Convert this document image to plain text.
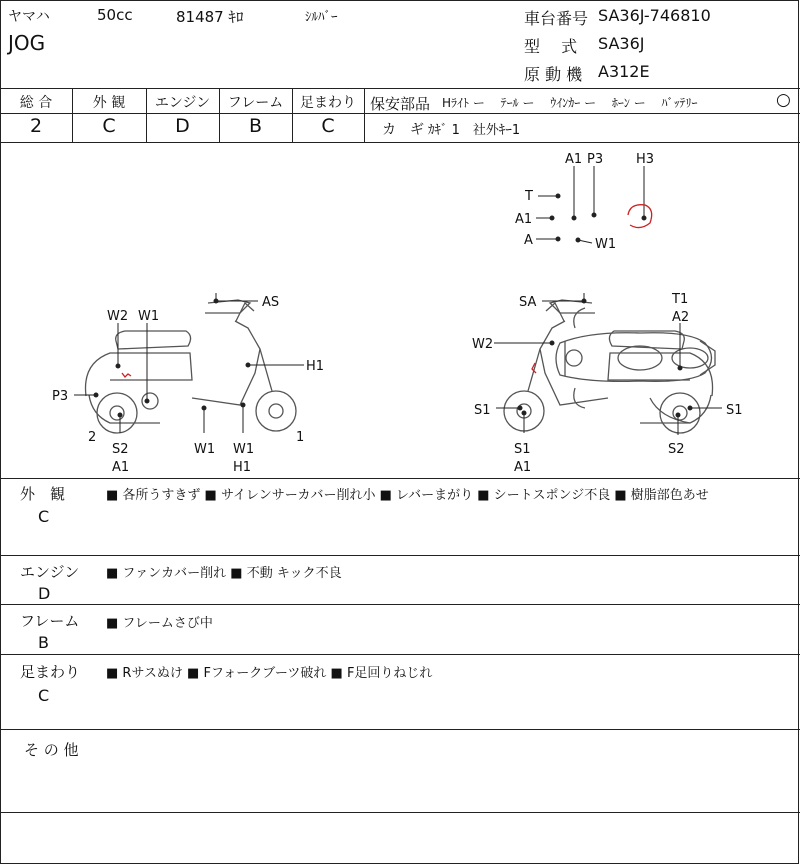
ヤマハ	50cc	81487 ｷﾛ	ｼﾙﾊﾞｰ
JOG
車台番号 SA36J-746810
型　 式 SA36J
原 動 機 A312E
総 合	外 観	エンジン	フレーム	足まわり
2	C	D	B	C
保安部品 Hﾗｲﾄ ー　 ﾃｰﾙ ー　 ｳｲﾝｶｰ ー　 ﾎｰﾝ ー　 ﾊﾞｯﾃﾘｰ	○
カ　ギ ｶｷﾞ 1　社外ｷｰ1
A1 P3	H3
T
A1
A	W1
W2 W1
AS
H1
P3
2
S2
A1
W1 W1
H1
1
SA	T1
A2
W2
S1
S1
A1
S1
S2
外　観
C
■ 各所うすきず ■ サイレンサーカバー削れ小 ■ レバーまがり ■ シートスポンジ不良 ■ 樹脂部色あせ
エンジン
D
■ ファンカバー削れ ■ 不動 キック不良
フレーム
B
■ フレームさび中
足まわり
C
■ Rサスぬけ ■ Fフォークブーツ破れ ■ F足回りねじれ
そ の 他
